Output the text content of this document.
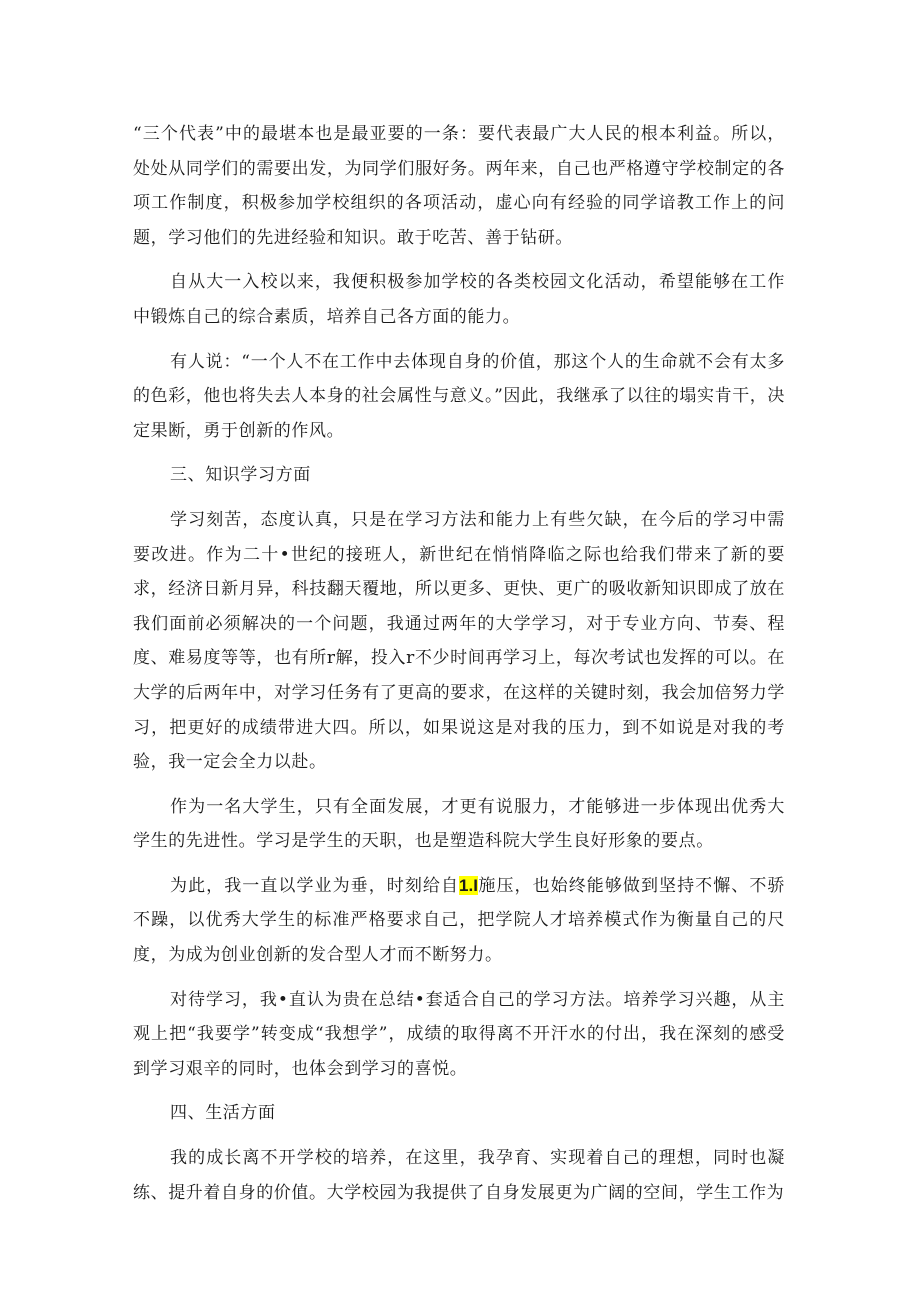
“三个代表”中的最堪本也是最亚要的一条：要代表最广大人民的根本利益。所以，处处从同学们的需要出发，为同学们服好务。两年来，自己也严格遵守学校制定的各项工作制度，积极参加学校组织的各项活动，虚心向有经验的同学谙教工作上的问题，学习他们的先进经验和知识。敢于吃苦、善于钻研。

自从大一入校以来，我便积极参加学校的各类校园文化活动，希望能够在工作中锻炼自己的综合素质，培养自己各方面的能力。

有人说：“一个人不在工作中去体现自身的价值，那这个人的生命就不会有太多的色彩，他也将失去人本身的社会属性与意义。”因此，我继承了以往的塌实肯干，决定果断，勇于创新的作风。

三、知识学习方面

学习刻苦，态度认真，只是在学习方法和能力上有些欠缺，在今后的学习中需要改进。作为二十•世纪的接班人，新世纪在悄悄降临之际也给我们带来了新的要求，经济日新月异，科技翻天覆地，所以更多、更快、更广的吸收新知识即成了放在我们面前必须解决的一个问题，我通过两年的大学学习，对于专业方向、节奏、程度、难易度等等，也有所r解，投入r不少时间再学习上，每次考试也发挥的可以。在大学的后两年中，对学习任务有了更高的要求，在这样的关键时刻，我会加倍努力学习，把更好的成绩带进大四。所以，如果说这是对我的压力，到不如说是对我的考验，我一定会全力以赴。

作为一名大学生，只有全面发展，才更有说服力，才能够进一步体现出优秀大学生的先进性。学习是学生的天职，也是塑造科院大学生良好形象的要点。

为此，我一直以学业为垂，时刻给自1.I施压，也始终能够做到坚持不懈、不骄不躁，以优秀大学生的标准严格要求自己，把学院人才培养模式作为衡量自己的尺度，为成为创业创新的发合型人才而不断努力。

对待学习，我•直认为贵在总结•套适合自己的学习方法。培养学习兴趣，从主观上把“我要学”转变成“我想学”，成绩的取得离不开汗水的付出，我在深刻的感受到学习艰辛的同时，也体会到学习的喜悦。

四、生活方面

我的成长离不开学校的培养，在这里，我孕育、实现着自己的理想，同时也凝练、提升着自身的价值。大学校园为我提供了自身发展更为广阔的空间，学生工作为
